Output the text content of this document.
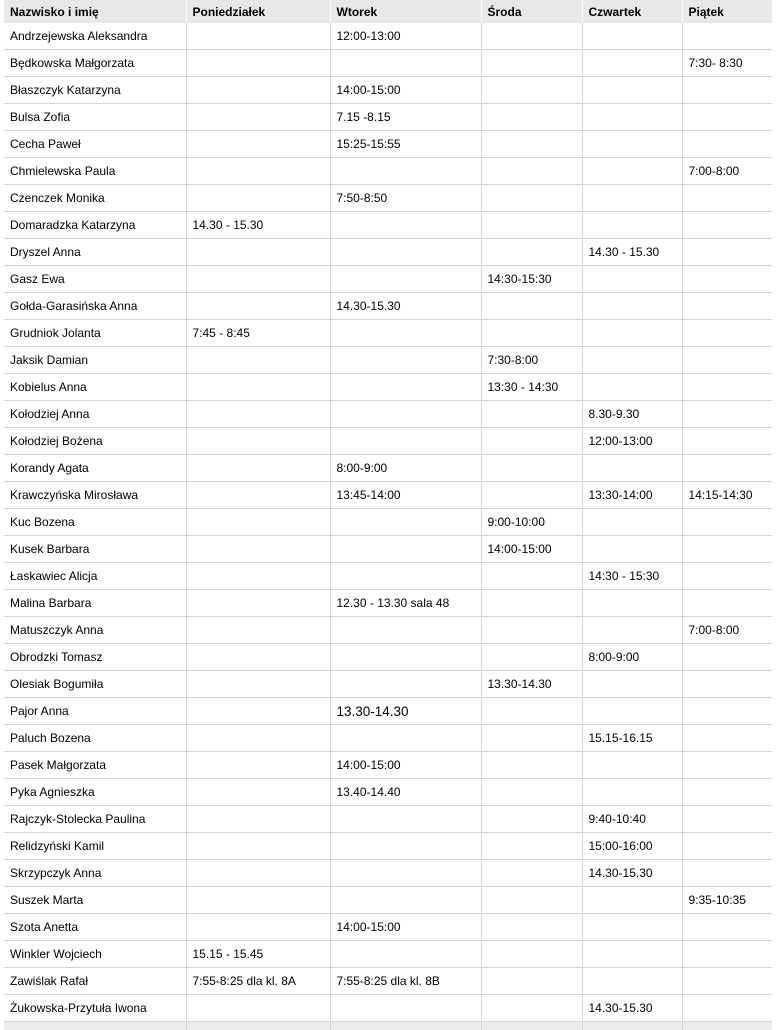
Nazwisko i imię	Poniedziałek	Wtorek	Środa	Czwartek	Piątek
Andrzejewska Aleksandra		12:00-13:00			
Będkowska Małgorzata					7:30- 8:30
Błaszczyk Katarzyna		14:00-15:00			
Bulsa Zofia		7.15 -8.15			
Cecha Paweł		15:25-15:55			
Chmielewska Paula					7:00-8:00
Czenczek Monika		7:50-8:50			
Domaradzka Katarzyna	14.30 - 15.30				
Dryszel Anna				14.30 - 15.30	
Gasz Ewa			14:30-15:30		
Gołda-Garasińska Anna		14.30-15.30			
Grudniok Jolanta	7:45 - 8:45				
Jaksik Damian			7:30-8:00		
Kobielus Anna			13:30 - 14:30		
Kołodziej Anna				8.30-9.30	
Kołodziej Bożena				12:00-13:00	
Korandy Agata		8:00-9:00			
Krawczyńska Mirosława		13:45-14:00		13:30-14:00	14:15-14:30
Kuc Bozena			9:00-10:00		
Kusek Barbara			14:00-15:00		
Łaskawiec Alicja				14:30 - 15:30	
Malina Barbara		12.30 - 13.30 sala 48			
Matuszczyk Anna					7:00-8:00
Obrodzki Tomasz				8:00-9:00	
Olesiak Bogumiła			13.30-14.30		
Pajor Anna		13.30-14.30			
Paluch Bozena				15.15-16.15	
Pasek Małgorzata		14:00-15:00			
Pyka Agnieszka		13.40-14.40			
Rajczyk-Stolecka Paulina				9:40-10:40	
Relidzyński Kamil				15:00-16:00	
Skrzypczyk Anna				14.30-15.30	
Suszek Marta					9:35-10:35
Szota Anetta		14:00-15:00			
Winkler Wojciech	15.15 - 15.45				
Zawiślak Rafał	7:55-8:25 dla kl. 8A	7:55-8:25 dla kl. 8B			
Żukowska-Przytuła Iwona				14.30-15.30	
